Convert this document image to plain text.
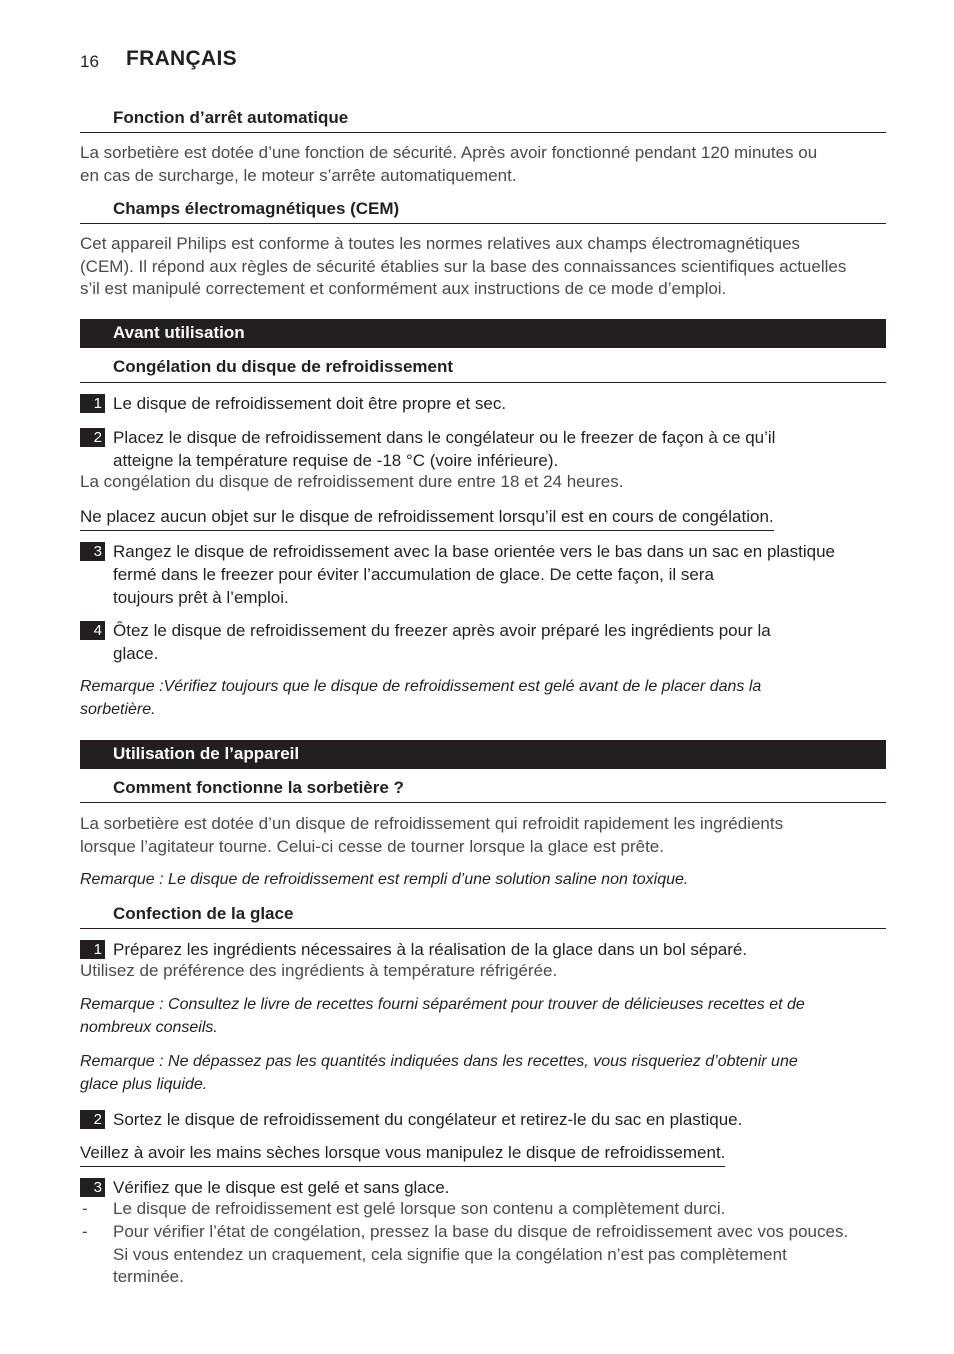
16 FRANÇAIS
Fonction d’arrêt automatique
La sorbetière est dotée d’une fonction de sécurité. Après avoir fonctionné pendant 120 minutes ou
en cas de surcharge, le moteur s’arrête automatiquement.
Champs électromagnétiques (CEM)
Cet appareil Philips est conforme à toutes les normes relatives aux champs électromagnétiques
(CEM). Il répond aux règles de sécurité établies sur la base des connaissances scientifiques actuelles
s’il est manipulé correctement et conformément aux instructions de ce mode d’emploi.
Avant utilisation
Congélation du disque de refroidissement
1 Le disque de refroidissement doit être propre et sec.
2 Placez le disque de refroidissement dans le congélateur ou le freezer de façon à ce qu’il
atteigne la température requise de -18 °C (voire inférieure).
La congélation du disque de refroidissement dure entre 18 et 24 heures.
Ne placez aucun objet sur le disque de refroidissement lorsqu’il est en cours de congélation.
3 Rangez le disque de refroidissement avec la base orientée vers le bas dans un sac en plastique
fermé dans le freezer pour éviter l’accumulation de glace. De cette façon, il sera
toujours prêt à l’emploi.
4 Ôtez le disque de refroidissement du freezer après avoir préparé les ingrédients pour la
glace.
Remarque :Vérifiez toujours que le disque de refroidissement est gelé avant de le placer dans la
sorbetière.
Utilisation de l’appareil
Comment fonctionne la sorbetière ?
La sorbetière est dotée d’un disque de refroidissement qui refroidit rapidement les ingrédients
lorsque l’agitateur tourne. Celui-ci cesse de tourner lorsque la glace est prête.
Remarque : Le disque de refroidissement est rempli d’une solution saline non toxique.
Confection de la glace
1 Préparez les ingrédients nécessaires à la réalisation de la glace dans un bol séparé.
Utilisez de préférence des ingrédients à température réfrigérée.
Remarque : Consultez le livre de recettes fourni séparément pour trouver de délicieuses recettes et de
nombreux conseils.
Remarque : Ne dépassez pas les quantités indiquées dans les recettes, vous risqueriez d’obtenir une
glace plus liquide.
2 Sortez le disque de refroidissement du congélateur et retirez-le du sac en plastique.
Veillez à avoir les mains sèches lorsque vous manipulez le disque de refroidissement.
3 Vérifiez que le disque est gelé et sans glace.
- Le disque de refroidissement est gelé lorsque son contenu a complètement durci.
- Pour vérifier l’état de congélation, pressez la base du disque de refroidissement avec vos pouces.
Si vous entendez un craquement, cela signifie que la congélation n’est pas complètement
terminée.
